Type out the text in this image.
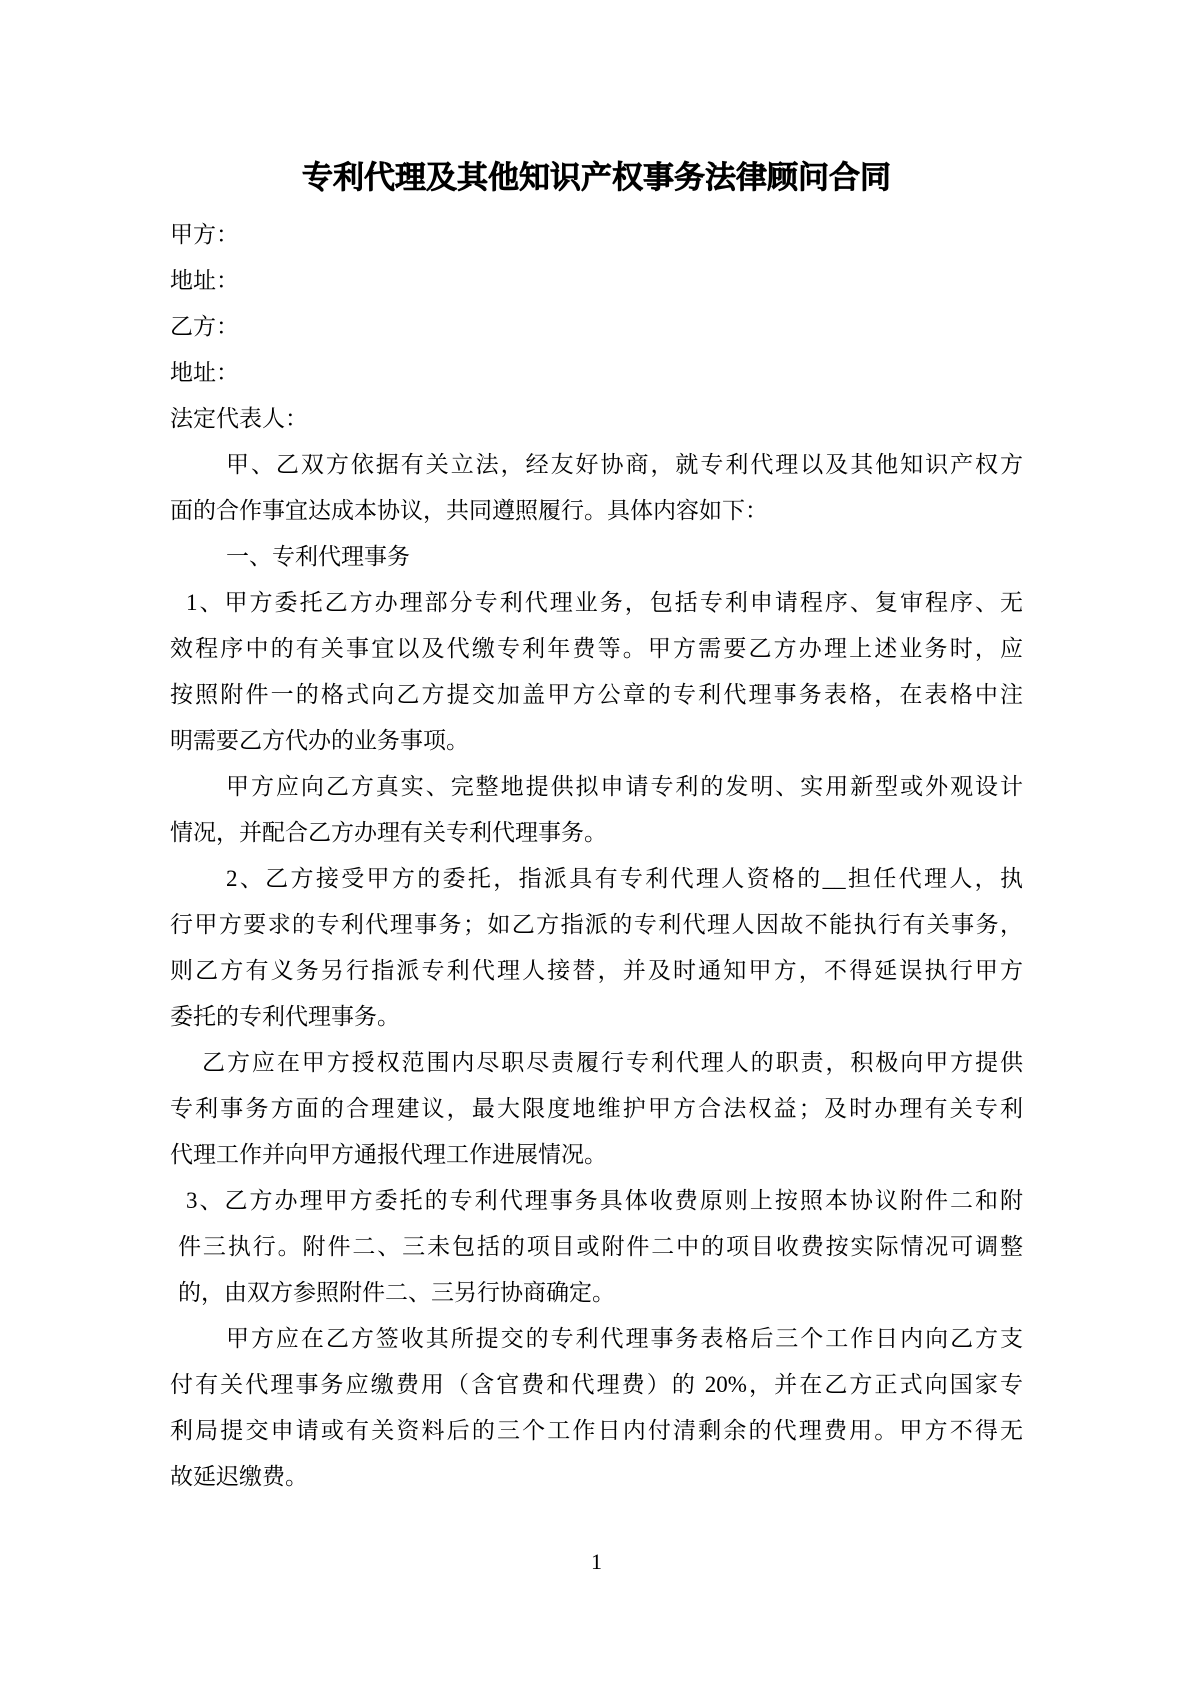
专利代理及其他知识产权事务法律顾问合同
甲方：
地址：
乙方：
地址：
法定代表人：
甲、乙双方依据有关立法，经友好协商，就专利代理以及其他知识产权方
面的合作事宜达成本协议，共同遵照履行。具体内容如下：
一、专利代理事务
1、甲方委托乙方办理部分专利代理业务，包括专利申请程序、复审程序、无
效程序中的有关事宜以及代缴专利年费等。甲方需要乙方办理上述业务时，应
按照附件一的格式向乙方提交加盖甲方公章的专利代理事务表格，在表格中注
明需要乙方代办的业务事项。
甲方应向乙方真实、完整地提供拟申请专利的发明、实用新型或外观设计
情况，并配合乙方办理有关专利代理事务。
2、乙方接受甲方的委托，指派具有专利代理人资格的__担任代理人，执
行甲方要求的专利代理事务；如乙方指派的专利代理人因故不能执行有关事务，
则乙方有义务另行指派专利代理人接替，并及时通知甲方，不得延误执行甲方
委托的专利代理事务。
乙方应在甲方授权范围内尽职尽责履行专利代理人的职责，积极向甲方提供
专利事务方面的合理建议，最大限度地维护甲方合法权益；及时办理有关专利
代理工作并向甲方通报代理工作进展情况。
3、乙方办理甲方委托的专利代理事务具体收费原则上按照本协议附件二和附
件三执行。附件二、三未包括的项目或附件二中的项目收费按实际情况可调整
的，由双方参照附件二、三另行协商确定。
甲方应在乙方签收其所提交的专利代理事务表格后三个工作日内向乙方支
付有关代理事务应缴费用（含官费和代理费）的 20%，并在乙方正式向国家专
利局提交申请或有关资料后的三个工作日内付清剩余的代理费用。甲方不得无
故延迟缴费。
1
